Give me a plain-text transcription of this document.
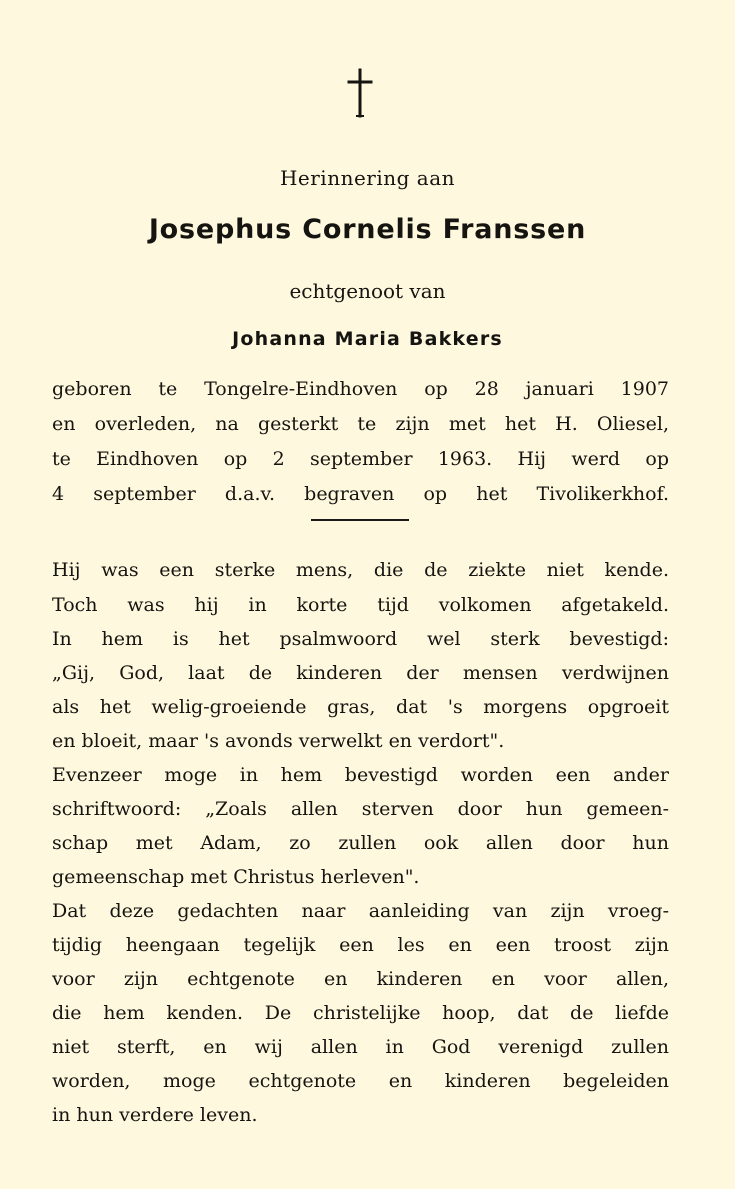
Herinnering aan
Josephus Cornelis Franssen
echtgenoot van
Johanna Maria Bakkers
geboren te Tongelre-Eindhoven op 28 januari 1907
en overleden, na gesterkt te zijn met het H. Oliesel,
te Eindhoven op 2 september 1963. Hij werd op
4 september d.a.v. begraven op het Tivolikerkhof.
Hij was een sterke mens, die de ziekte niet kende.
Toch was hij in korte tijd volkomen afgetakeld.
In hem is het psalmwoord wel sterk bevestigd:
„Gij, God, laat de kinderen der mensen verdwijnen
als het welig-groeiende gras, dat 's morgens opgroeit
en bloeit, maar 's avonds verwelkt en verdort".
Evenzeer moge in hem bevestigd worden een ander
schriftwoord: „Zoals allen sterven door hun gemeen-
schap met Adam, zo zullen ook allen door hun
gemeenschap met Christus herleven".
Dat deze gedachten naar aanleiding van zijn vroeg-
tijdig heengaan tegelijk een les en een troost zijn
voor zijn echtgenote en kinderen en voor allen,
die hem kenden. De christelijke hoop, dat de liefde
niet sterft, en wij allen in God verenigd zullen
worden, moge echtgenote en kinderen begeleiden
in hun verdere leven.
